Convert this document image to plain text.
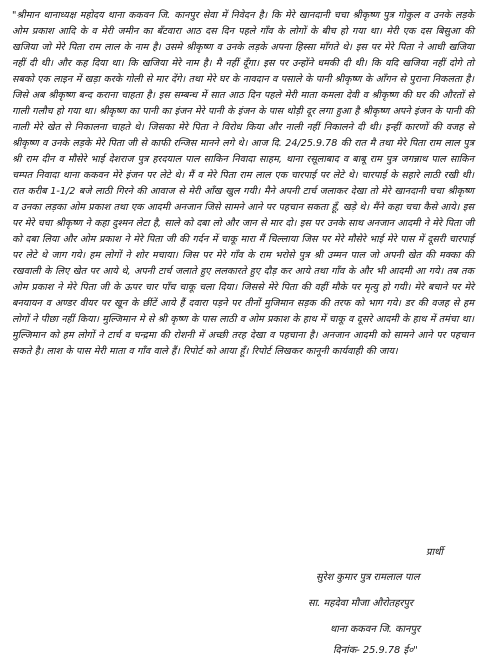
"श्रीमान थानाध्यक्ष महोदय थाना ककवन जि. कानपुर सेवा में निवेदन है। कि मेरे खानदानी चचा श्रीकृष्ण पुत्र गोकुल व उनके लड़के ओम प्रकाश आदि के व मेरी जमीन का बँटवारा आठ दस दिन पहले गाँव के लोगों के बीच हो गया था। मेरी एक दस बिसुआ की खजिया जो मेरे पिता राम लाल के नाम है। उसमे श्रीकृष्ण व उनके लड़के अपना हिस्सा माँगते थे। इस पर मेरे पिता ने आधी खजिया नहीं दी थी। और कह दिया था। कि खजिया मेरे नाम है। मै नहीं दूँगा। इस पर उन्होंने धमकी दी थी। कि यदि खजिया नहीं दोगे तो सबको एक लाइन में खड़ा करके गोली से मार देंगे। तथा मेरे घर के नावदान व पसाले के पानी श्रीकृष्ण के आँगन से पुराना निकलता है। जिसे अब श्रीकृष्ण बन्द कराना चाहता है। इस सम्बन्ध में सात आठ दिन पहले मेरी माता कमला देवी व श्रीकृष्ण की घर की औरतों से गाली गलौच हो गया था। श्रीकृष्ण का पानी का इंजन मेरे पानी के इंजन के पास थोड़ी दूर लगा हुआ है श्रीकृष्ण अपने इंजन के पानी की नाली मेरे खेत से निकालना चाहते थे। जिसका मेरे पिता ने विरोध किया और नाली नहीं निकालने दी थी। इन्हीं कारणों की वजह से श्रीकृष्ण व उनके लड़के मेरे पिता जी से काफी रन्जिस मानने लगे थे। आज दि. 24/25.9.78 की रात मै तथा मेरे पिता राम लाल पुत्र श्री राम दीन व मौसेरे भाई देशराज पुत्र हरदयाल पाल साकिन निवादा साहम, थाना रसूलाबाद व बाबू राम पुत्र जगन्नाथ पाल साकिन चम्पत निवादा थाना ककवन मेरे इंजन पर लेटे थे। मैं व मेरे पिता राम लाल एक चारपाई पर लेटे थे। चारपाई के सहारे लाठी रखी थी। रात करीब 1-1/2 बजे लाठी गिरने की आवाज से मेरी आँख खुल गयी। मैने अपनी टार्च जलाकर देखा तो मेरे खानदानी चचा श्रीकृष्ण व उनका लड़का ओम प्रकाश तथा एक आदमी अनजान जिसे सामने आने पर पहचान सकता हूँ, खड़े थे। मैंने कहा चचा कैसे आये। इस पर मेरे चचा श्रीकृष्ण ने कहा दुश्मन लेटा है, साले को दबा लो और जान से मार दो। इस पर उनके साथ अनजान आदमी ने मेरे पिता जी को दबा लिया और ओम प्रकाश ने मेरे पिता जी की गर्दन में चाकू मारा मैं चिल्लाया जिस पर मेरे मौसेरे भाई मेरे पास में दूसरी चारपाई पर लेटे थे जाग गये। हम लोगों ने शोर मचाया। जिस पर मेरे गाँव के राम भरोसे पुत्र श्री उम्मन पाल जो अपनी खेत की मक्का की रखवाली के लिए खेत पर आये थे, अपनी टार्च जलाते हुए ललकारते हुए दौड़ कर आये तथा गाँव के और भी आदमी आ गये। तब तक ओम प्रकाश ने मेरे पिता जी के ऊपर चार पाँच चाकू चला दिया। जिससे मेरे पिता की वहीं मौके पर मृत्यु हो गयी। मेरे बचाने पर मेरे बनयायन व अण्डर वीयर पर खून के छींटें आये हैं दवारा पड़ने पर तीनों मुजिमान सड़क की तरफ को भाग गये। डर की वजह से हम लोगों ने पीछा नहीं किया। मुल्जिमान मे से श्री कृष्ण के पास लाठी व ओम प्रकाश के हाथ में चाकू व दूसरे आदमी के हाथ में तमंचा था। मुल्जिमान को हम लोगों ने टार्च व चन्द्रमा की रोशनी में अच्छी तरह देखा व पहचाना है। अनजान आदमी को सामने आने पर पहचान सकते है। लाश के पास मेरी माता व गाँव वाले हैं। रिपोर्ट को आया हूँ। रिपोर्ट लिखकर कानूनी कार्यवाही की जाय।

प्रार्थी
सुरेश कुमार पुत्र रामलाल पाल
सा. महदेवा मौजा औरोतहरपुर
थाना ककवन जि. कानपुर
दिनांक- 25.9.78 ई०"
